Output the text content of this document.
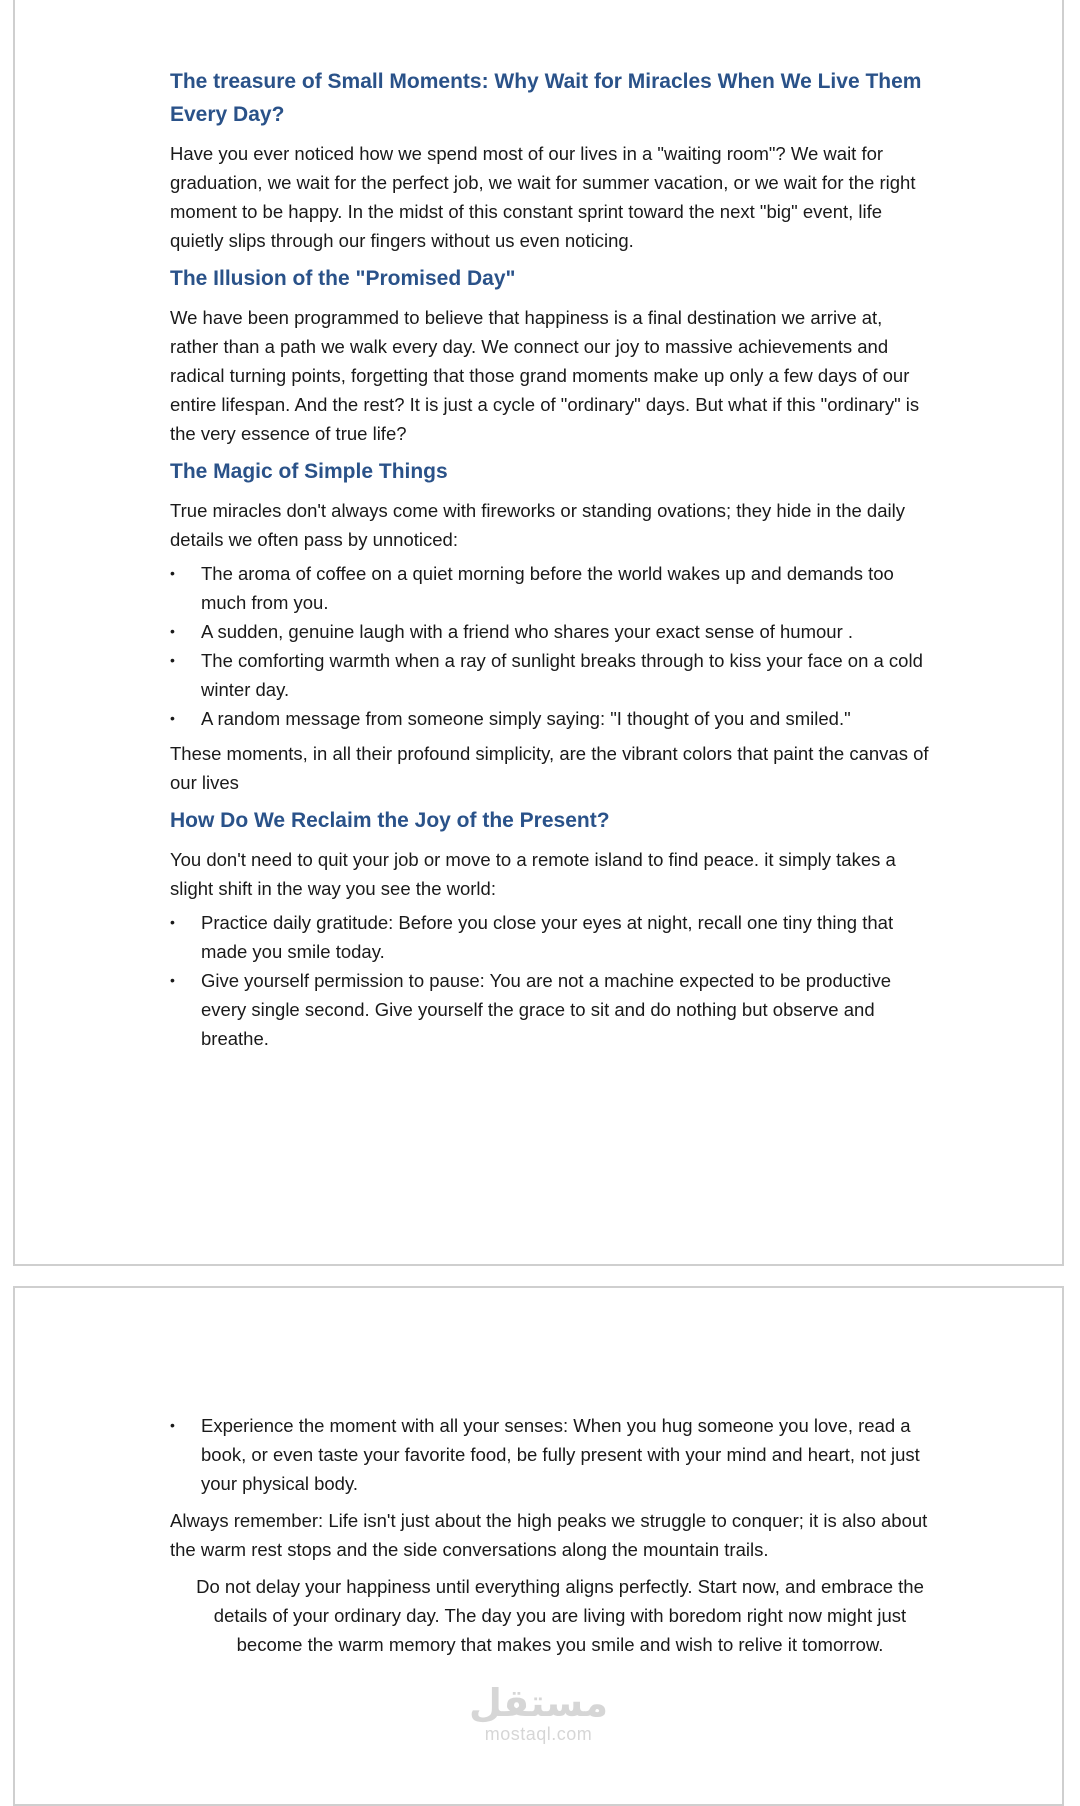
The treasure of Small Moments: Why Wait for Miracles When We Live Them Every Day?

Have you ever noticed how we spend most of our lives in a "waiting room"? We wait for graduation, we wait for the perfect job, we wait for summer vacation, or we wait for the right moment to be happy. In the midst of this constant sprint toward the next "big" event, life quietly slips through our fingers without us even noticing.

The Illusion of the "Promised Day"

We have been programmed to believe that happiness is a final destination we arrive at, rather than a path we walk every day. We connect our joy to massive achievements and radical turning points, forgetting that those grand moments make up only a few days of our entire lifespan. And the rest? It is just a cycle of "ordinary" days. But what if this "ordinary" is the very essence of true life?

The Magic of Simple Things

True miracles don't always come with fireworks or standing ovations; they hide in the daily details we often pass by unnoticed:

• The aroma of coffee on a quiet morning before the world wakes up and demands too much from you.
• A sudden, genuine laugh with a friend who shares your exact sense of humour .
• The comforting warmth when a ray of sunlight breaks through to kiss your face on a cold winter day.
• A random message from someone simply saying: "I thought of you and smiled."

These moments, in all their profound simplicity, are the vibrant colors that paint the canvas of our lives

How Do We Reclaim the Joy of the Present?

You don't need to quit your job or move to a remote island to find peace. it simply takes a slight shift in the way you see the world:

• Practice daily gratitude: Before you close your eyes at night, recall one tiny thing that made you smile today.
• Give yourself permission to pause: You are not a machine expected to be productive every single second. Give yourself the grace to sit and do nothing but observe and breathe.
• Experience the moment with all your senses: When you hug someone you love, read a book, or even taste your favorite food, be fully present with your mind and heart, not just your physical body.

Always remember: Life isn't just about the high peaks we struggle to conquer; it is also about the warm rest stops and the side conversations along the mountain trails.

Do not delay your happiness until everything aligns perfectly. Start now, and embrace the details of your ordinary day. The day you are living with boredom right now might just become the warm memory that makes you smile and wish to relive it tomorrow.

مستقل
mostaql.com
